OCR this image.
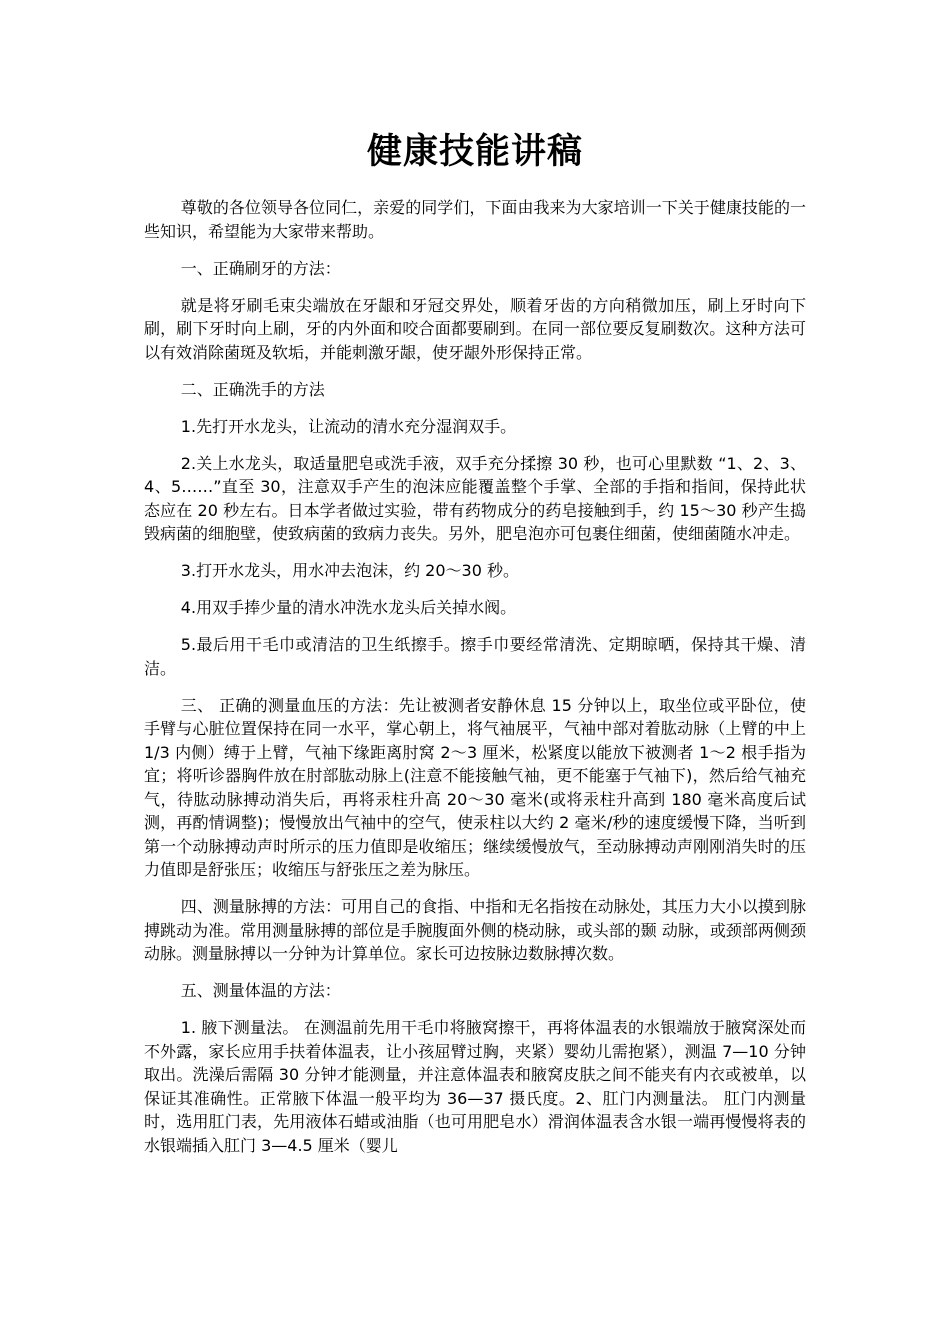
健康技能讲稿

尊敬的各位领导各位同仁，亲爱的同学们，下面由我来为大家培训一下关于健康技能的一些知识，希望能为大家带来帮助。

一、正确刷牙的方法：

就是将牙刷毛束尖端放在牙龈和牙冠交界处，顺着牙齿的方向稍微加压，刷上牙时向下刷，刷下牙时向上刷，牙的内外面和咬合面都要刷到。在同一部位要反复刷数次。这种方法可以有效消除菌斑及软垢，并能刺激牙龈，使牙龈外形保持正常。

二、正确洗手的方法

1.先打开水龙头，让流动的清水充分湿润双手。

2.关上水龙头，取适量肥皂或洗手液，双手充分揉擦 30 秒，也可心里默数 “1、2、3、4、5……”直至 30，注意双手产生的泡沫应能覆盖整个手掌、全部的手指和指间，保持此状态应在 20 秒左右。日本学者做过实验，带有药物成分的药皂接触到手，约 15～30 秒产生捣毁病菌的细胞壁，使致病菌的致病力丧失。另外，肥皂泡亦可包裹住细菌，使细菌随水冲走。

3.打开水龙头，用水冲去泡沫，约 20～30 秒。

4.用双手捧少量的清水冲洗水龙头后关掉水阀。

5.最后用干毛巾或清洁的卫生纸擦手。擦手巾要经常清洗、定期晾晒，保持其干燥、清洁。

三、 正确的测量血压的方法：先让被测者安静休息 15 分钟以上，取坐位或平卧位，使手臂与心脏位置保持在同一水平，掌心朝上，将气袖展平，气袖中部对着肱动脉（上臂的中上 1/3 内侧）缚于上臂，气袖下缘距离肘窝 2～3 厘米，松紧度以能放下被测者 1～2 根手指为宜；将听诊器胸件放在肘部肱动脉上(注意不能接触气袖，更不能塞于气袖下)，然后给气袖充气，待肱动脉搏动消失后，再将汞柱升高 20～30 毫米(或将汞柱升高到 180 毫米高度后试测，再酌情调整)；慢慢放出气袖中的空气，使汞柱以大约 2 毫米/秒的速度缓慢下降，当听到第一个动脉搏动声时所示的压力值即是收缩压；继续缓慢放气，至动脉搏动声刚刚消失时的压力值即是舒张压；收缩压与舒张压之差为脉压。

四、测量脉搏的方法：可用自己的食指、中指和无名指按在动脉处，其压力大小以摸到脉搏跳动为准。常用测量脉搏的部位是手腕腹面外侧的桡动脉，或头部的颞 动脉，或颈部两侧颈动脉。测量脉搏以一分钟为计算单位。家长可边按脉边数脉搏次数。

五、测量体温的方法：

1. 腋下测量法。 在测温前先用干毛巾将腋窝擦干，再将体温表的水银端放于腋窝深处而不外露，家长应用手扶着体温表，让小孩屈臂过胸，夹紧）婴幼儿需抱紧），测温 7—10 分钟取出。洗澡后需隔 30 分钟才能测量，并注意体温表和腋窝皮肤之间不能夹有内衣或被单，以保证其准确性。正常腋下体温一般平均为 36—37 摄氏度。2、肛门内测量法。 肛门内测量时，选用肛门表，先用液体石蜡或油脂（也可用肥皂水）滑润体温表含水银一端再慢慢将表的水银端插入肛门 3—4.5 厘米（婴儿
